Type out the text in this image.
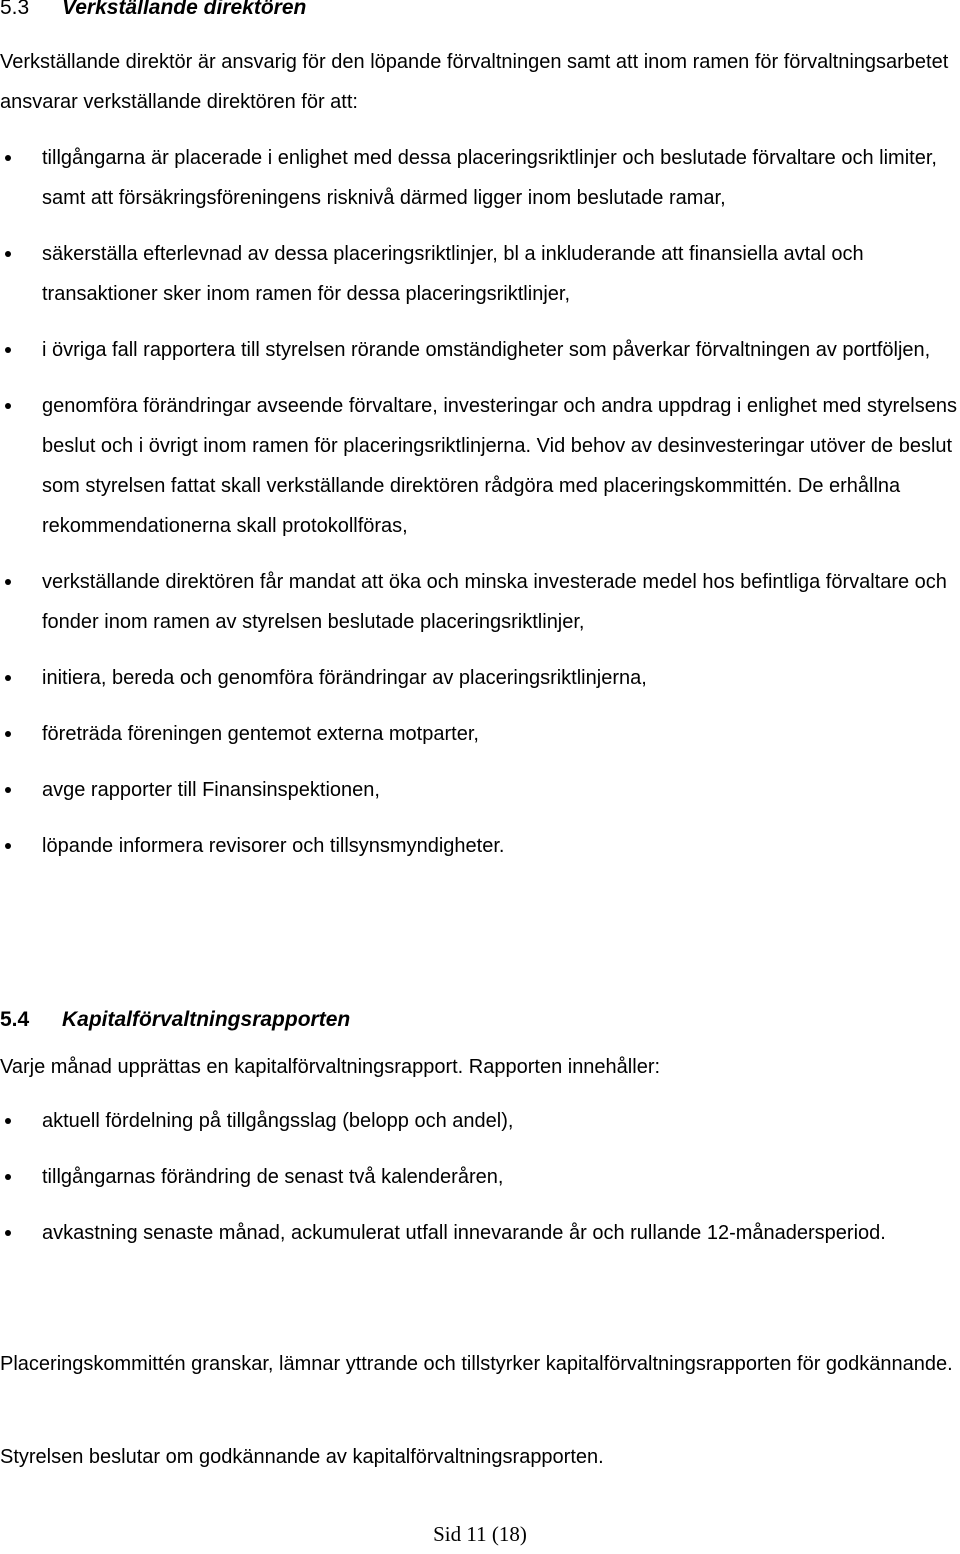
5.3 Verkställande direktören

Verkställande direktör är ansvarig för den löpande förvaltningen samt att inom ramen för förvaltningsarbetet ansvarar verkställande direktören för att:

tillgångarna är placerade i enlighet med dessa placeringsriktlinjer och beslutade förvaltare och limiter, samt att försäkringsföreningens risknivå därmed ligger inom beslutade ramar,
säkerställa efterlevnad av dessa placeringsriktlinjer, bl a inkluderande att finansiella avtal och transaktioner sker inom ramen för dessa placeringsriktlinjer,
i övriga fall rapportera till styrelsen rörande omständigheter som påverkar förvaltningen av portföljen,
genomföra förändringar avseende förvaltare, investeringar och andra uppdrag i enlighet med styrelsens beslut och i övrigt inom ramen för placeringsriktlinjerna. Vid behov av desinvesteringar utöver de beslut som styrelsen fattat skall verkställande direktören rådgöra med placeringskommittén. De erhållna rekommendationerna skall protokollföras,
verkställande direktören får mandat att öka och minska investerade medel hos befintliga förvaltare och fonder inom ramen av styrelsen beslutade placeringsriktlinjer,
initiera, bereda och genomföra förändringar av placeringsriktlinjerna,
företräda föreningen gentemot externa motparter,
avge rapporter till Finansinspektionen,
löpande informera revisorer och tillsynsmyndigheter.
5.4 Kapitalförvaltningsrapporten

Varje månad upprättas en kapitalförvaltningsrapport. Rapporten innehåller:

aktuell fördelning på tillgångsslag (belopp och andel),
tillgångarnas förändring de senast två kalenderåren,
avkastning senaste månad, ackumulerat utfall innevarande år och rullande 12-månadersperiod.

Placeringskommittén granskar, lämnar yttrande och tillstyrker kapitalförvaltningsrapporten för godkännande.

Styrelsen beslutar om godkännande av kapitalförvaltningsrapporten.

Sid 11 (18)
